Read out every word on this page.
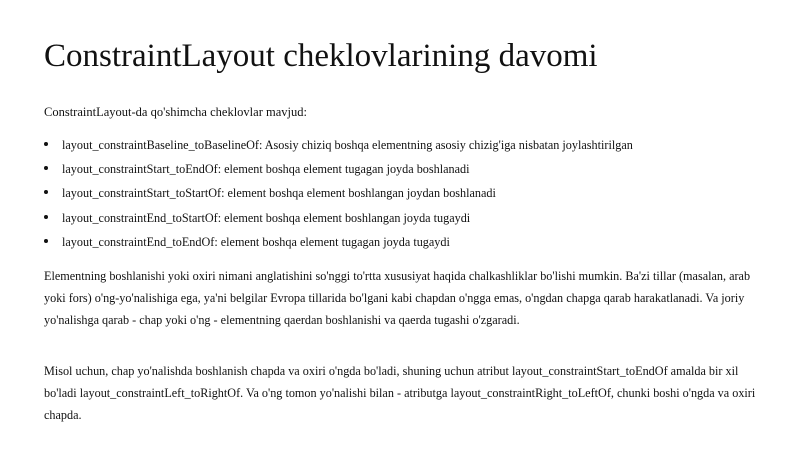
ConstraintLayout cheklovlarining davomi

ConstraintLayout-da qo'shimcha cheklovlar mavjud:

layout_constraintBaseline_toBaselineOf: Asosiy chiziq boshqa elementning asosiy chizig'iga nisbatan joylashtirilgan
layout_constraintStart_toEndOf: element boshqa element tugagan joyda boshlanadi
layout_constraintStart_toStartOf: element boshqa element boshlangan joydan boshlanadi
layout_constraintEnd_toStartOf: element boshqa element boshlangan joyda tugaydi
layout_constraintEnd_toEndOf: element boshqa element tugagan joyda tugaydi

Elementning boshlanishi yoki oxiri nimani anglatishini so'nggi to'rtta xususiyat haqida chalkashliklar bo'lishi mumkin. Ba'zi tillar (masalan, arab yoki fors) o'ng-yo'nalishiga ega, ya'ni belgilar Evropa tillarida bo'lgani kabi chapdan o'ngga emas, o'ngdan chapga qarab harakatlanadi. Va joriy yo'nalishga qarab - chap yoki o'ng - elementning qaerdan boshlanishi va qaerda tugashi o'zgaradi.

Misol uchun, chap yo'nalishda boshlanish chapda va oxiri o'ngda bo'ladi, shuning uchun atribut layout_constraintStart_toEndOf amalda bir xil bo'ladi layout_constraintLeft_toRightOf. Va o'ng tomon yo'nalishi bilan - atributga layout_constraintRight_toLeftOf, chunki boshi o'ngda va oxiri chapda.
